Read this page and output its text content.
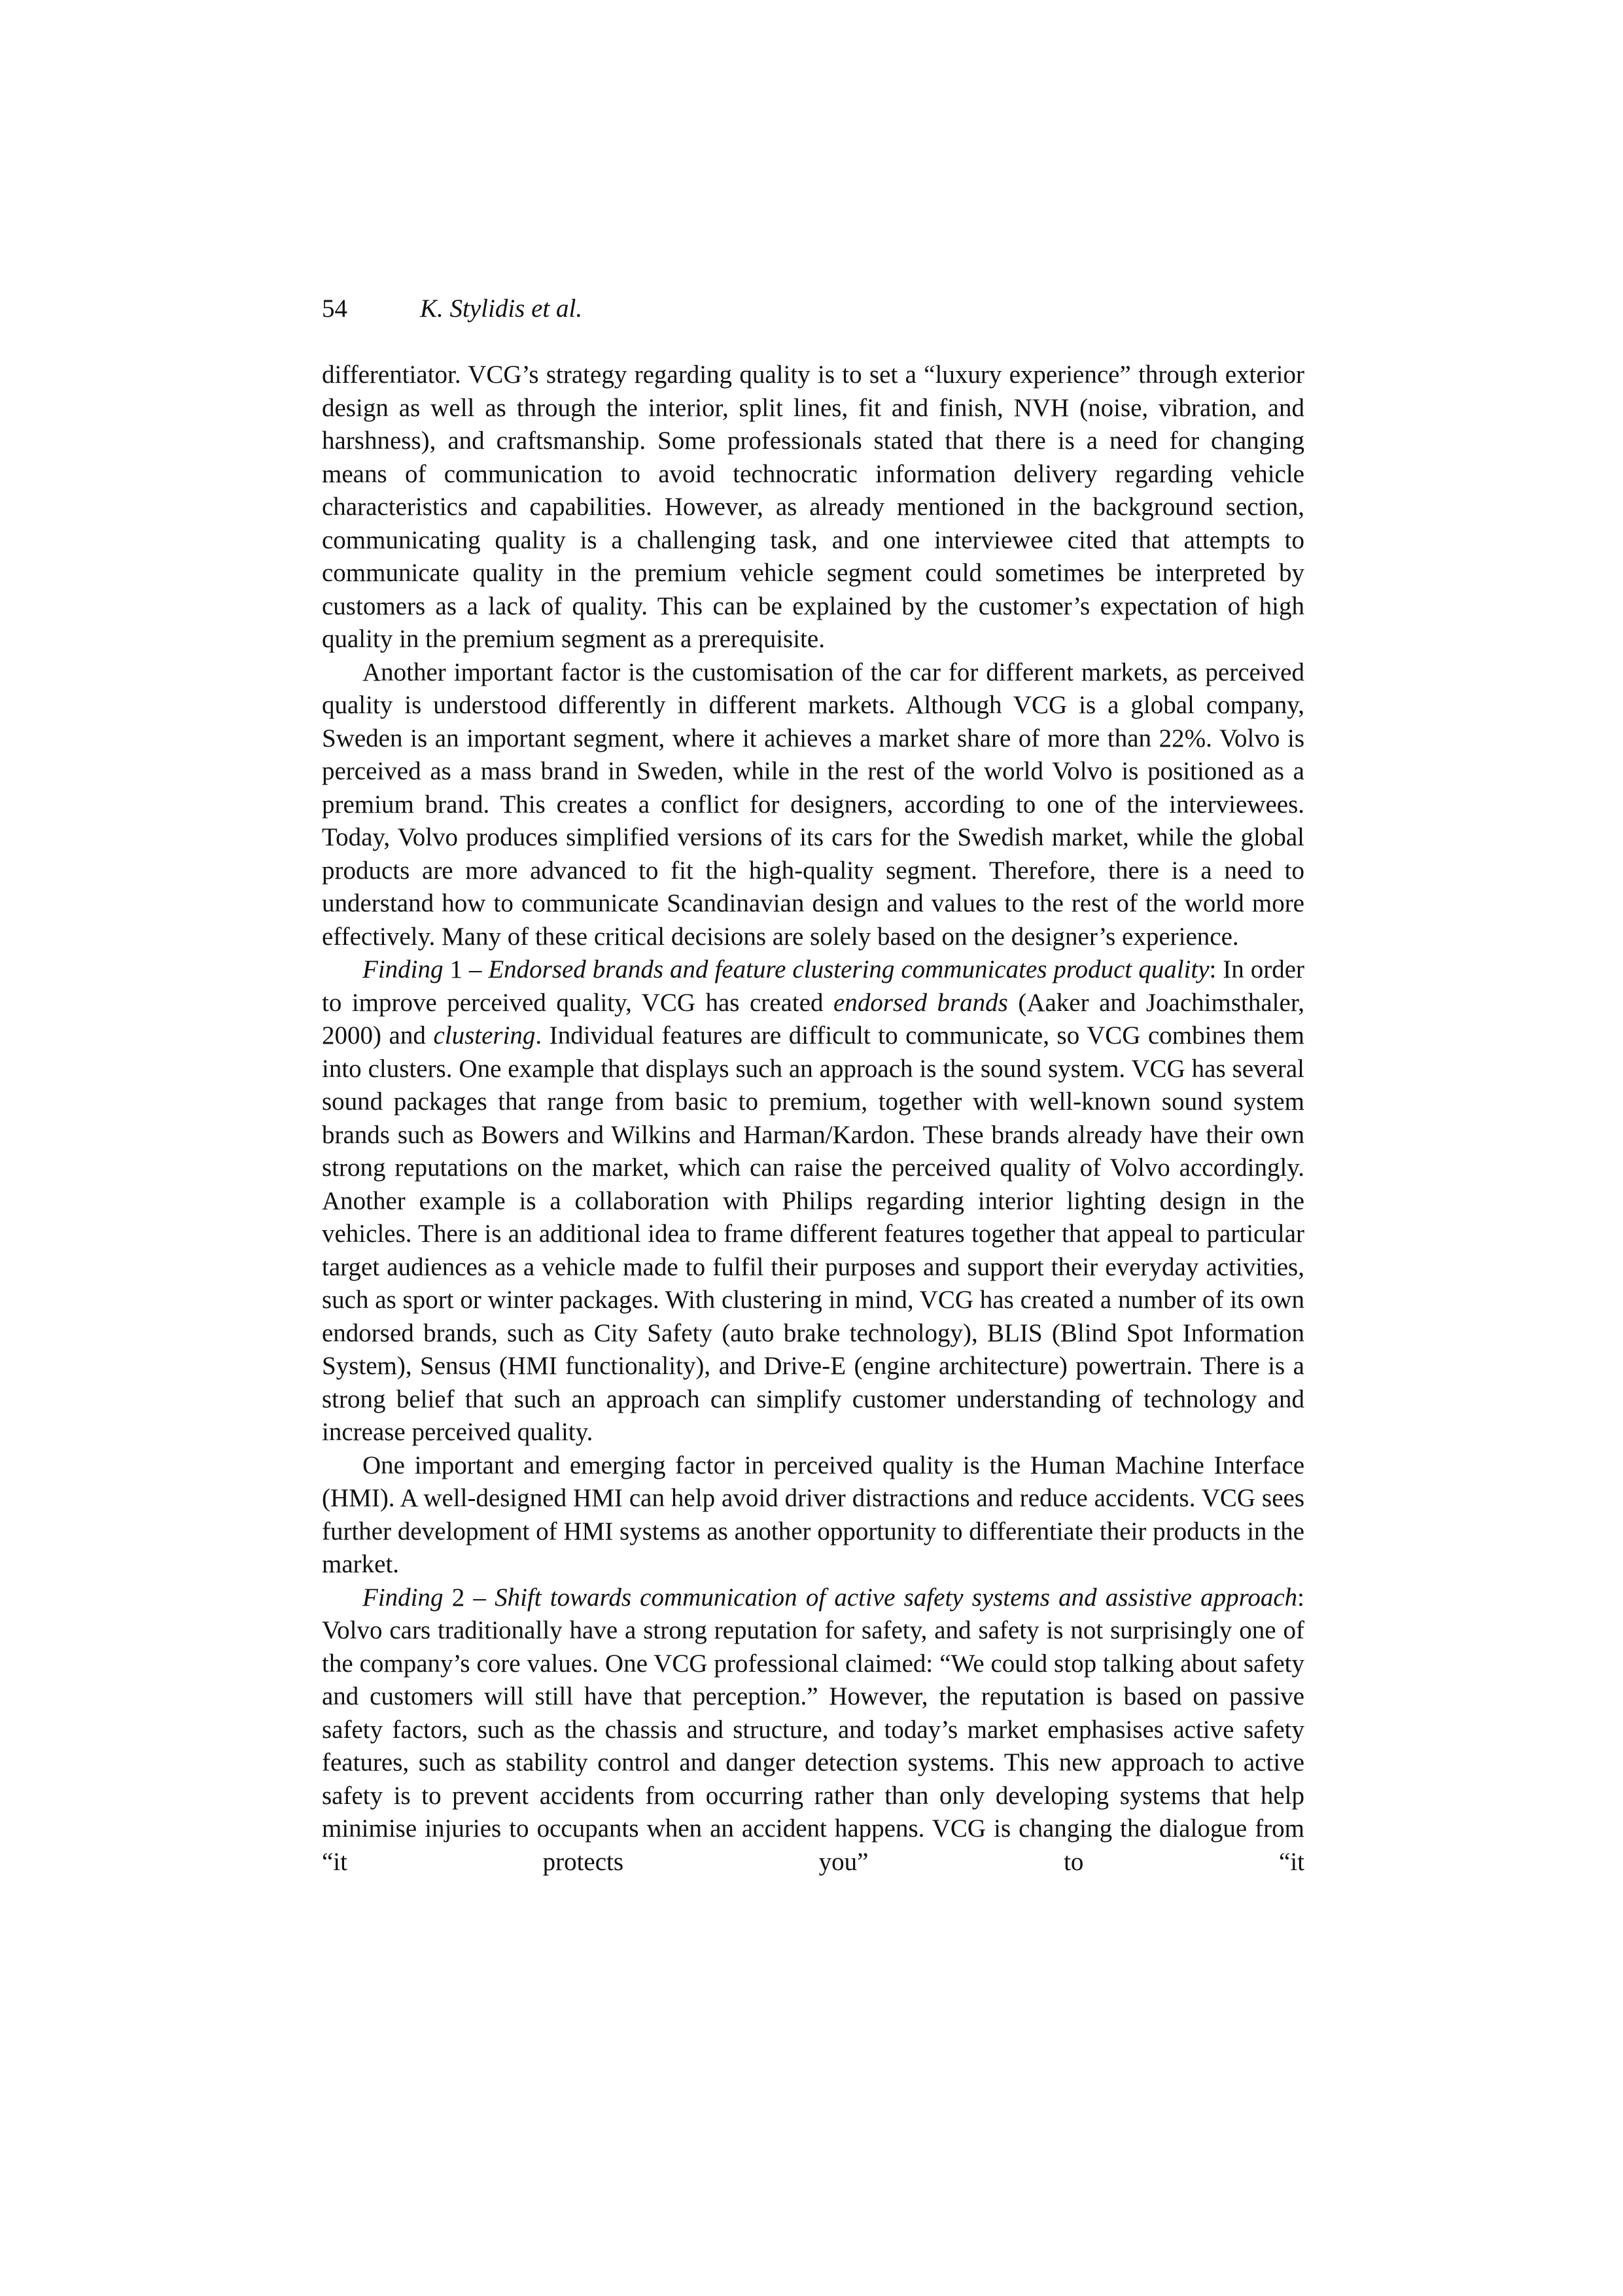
54	K. Stylidis et al.

differentiator. VCG’s strategy regarding quality is to set a “luxury experience” through exterior design as well as through the interior, split lines, fit and finish, NVH (noise, vibration, and harshness), and craftsmanship. Some professionals stated that there is a need for changing means of communication to avoid technocratic information delivery regarding vehicle characteristics and capabilities. However, as already mentioned in the background section, communicating quality is a challenging task, and one interviewee cited that attempts to communicate quality in the premium vehicle segment could sometimes be interpreted by customers as a lack of quality. This can be explained by the customer’s expectation of high quality in the premium segment as a prerequisite.

Another important factor is the customisation of the car for different markets, as perceived quality is understood differently in different markets. Although VCG is a global company, Sweden is an important segment, where it achieves a market share of more than 22%. Volvo is perceived as a mass brand in Sweden, while in the rest of the world Volvo is positioned as a premium brand. This creates a conflict for designers, according to one of the interviewees. Today, Volvo produces simplified versions of its cars for the Swedish market, while the global products are more advanced to fit the high-quality segment. Therefore, there is a need to understand how to communicate Scandinavian design and values to the rest of the world more effectively. Many of these critical decisions are solely based on the designer’s experience.

Finding 1 – Endorsed brands and feature clustering communicates product quality: In order to improve perceived quality, VCG has created endorsed brands (Aaker and Joachimsthaler, 2000) and clustering. Individual features are difficult to communicate, so VCG combines them into clusters. One example that displays such an approach is the sound system. VCG has several sound packages that range from basic to premium, together with well-known sound system brands such as Bowers and Wilkins and Harman/Kardon. These brands already have their own strong reputations on the market, which can raise the perceived quality of Volvo accordingly. Another example is a collaboration with Philips regarding interior lighting design in the vehicles. There is an additional idea to frame different features together that appeal to particular target audiences as a vehicle made to fulfil their purposes and support their everyday activities, such as sport or winter packages. With clustering in mind, VCG has created a number of its own endorsed brands, such as City Safety (auto brake technology), BLIS (Blind Spot Information System), Sensus (HMI functionality), and Drive-E (engine architecture) powertrain. There is a strong belief that such an approach can simplify customer understanding of technology and increase perceived quality.

One important and emerging factor in perceived quality is the Human Machine Interface (HMI). A well-designed HMI can help avoid driver distractions and reduce accidents. VCG sees further development of HMI systems as another opportunity to differentiate their products in the market.

Finding 2 – Shift towards communication of active safety systems and assistive approach: Volvo cars traditionally have a strong reputation for safety, and safety is not surprisingly one of the company’s core values. One VCG professional claimed: “We could stop talking about safety and customers will still have that perception.” However, the reputation is based on passive safety factors, such as the chassis and structure, and today’s market emphasises active safety features, such as stability control and danger detection systems. This new approach to active safety is to prevent accidents from occurring rather than only developing systems that help minimise injuries to occupants when an accident happens. VCG is changing the dialogue from “it protects you” to “it
